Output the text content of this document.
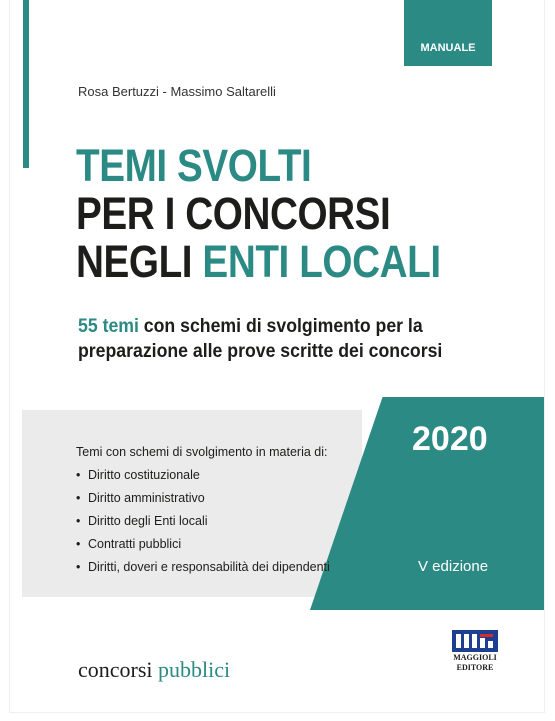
MANUALE
Rosa Bertuzzi - Massimo Saltarelli
TEMI SVOLTI
PER I CONCORSI
NEGLI ENTI LOCALI
55 temi con schemi di svolgimento per la
preparazione alle prove scritte dei concorsi
2020
V edizione
Temi con schemi di svolgimento in materia di:
• Diritto costituzionale
• Diritto amministrativo
• Diritto degli Enti locali
• Contratti pubblici
• Diritti, doveri e responsabilità dei dipendenti
concorsi pubblici	MAGGIOLI
EDITORE
